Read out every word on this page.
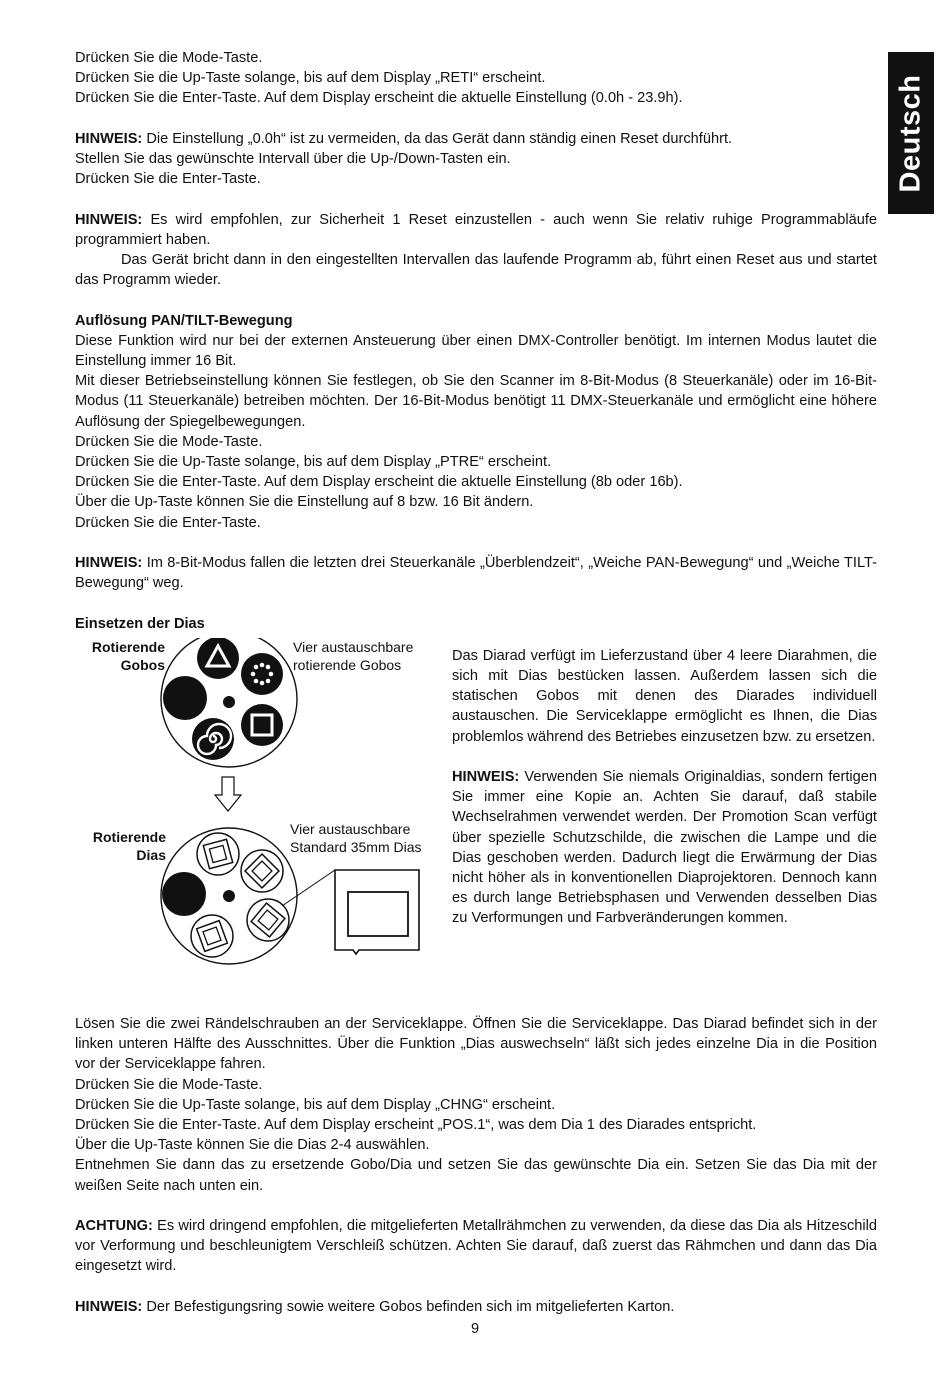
Deutsch

Drücken Sie die Mode-Taste.

Drücken Sie die Up-Taste solange, bis auf dem Display „RETI“ erscheint.

Drücken Sie die Enter-Taste. Auf dem Display erscheint die aktuelle Einstellung (0.0h - 23.9h).

HINWEIS: Die Einstellung „0.0h“ ist zu vermeiden, da das Gerät dann ständig einen Reset durchführt.

Stellen Sie das gewünschte Intervall über die Up-/Down-Tasten ein.

Drücken Sie die Enter-Taste.

HINWEIS: Es wird empfohlen, zur Sicherheit 1 Reset einzustellen - auch wenn Sie relativ ruhige Programmabläufe programmiert haben.

Das Gerät bricht dann in den eingestellten Intervallen das laufende Programm ab, führt einen Reset aus und startet das Programm wieder.

Auflösung PAN/TILT-Bewegung

Diese Funktion wird nur bei der externen Ansteuerung über einen DMX-Controller benötigt. Im internen Modus lautet die Einstellung immer 16 Bit.

Mit dieser Betriebseinstellung können Sie festlegen, ob Sie den Scanner im 8-Bit-Modus (8 Steuerkanäle) oder im 16-Bit-Modus (11 Steuerkanäle) betreiben möchten. Der 16-Bit-Modus benötigt 11 DMX-Steuerkanäle und ermöglicht eine höhere Auflösung der Spiegelbewegungen.

Drücken Sie die Mode-Taste.

Drücken Sie die Up-Taste solange, bis auf dem Display „PTRE“ erscheint.

Drücken Sie die Enter-Taste. Auf dem Display erscheint die aktuelle Einstellung (8b oder 16b).

Über die Up-Taste können Sie die Einstellung auf 8 bzw. 16 Bit ändern.

Drücken Sie die Enter-Taste.

HINWEIS: Im 8-Bit-Modus fallen die letzten drei Steuerkanäle „Überblendzeit“, „Weiche PAN-Bewegung“ und „Weiche TILT-Bewegung“ weg.

Einsetzen der Dias

Rotierende
Gobos
Vier austauschbare
rotierende Gobos
Rotierende
Dias
Vier austauschbare
Standard 35mm Dias

Das Diarad verfügt im Lieferzustand über 4 leere Diarahmen, die sich mit Dias bestücken lassen. Außerdem lassen sich die statischen Gobos mit denen des Diarades individuell austauschen. Die Serviceklappe ermöglicht es Ihnen, die Dias problemlos während des Betriebes einzusetzen bzw. zu ersetzen.

HINWEIS: Verwenden Sie niemals Originaldias, sondern fertigen Sie immer eine Kopie an. Achten Sie darauf, daß stabile Wechselrahmen verwendet werden. Der Promotion Scan verfügt über spezielle Schutzschilde, die zwischen die Lampe und die Dias geschoben werden. Dadurch liegt die Erwärmung der Dias nicht höher als in konventionellen Diaprojektoren. Dennoch kann es durch lange Betriebsphasen und Verwenden desselben Dias zu Verformungen und Farbveränderungen kommen.

Lösen Sie die zwei Rändelschrauben an der Serviceklappe. Öffnen Sie die Serviceklappe. Das Diarad befindet sich in der linken unteren Hälfte des Ausschnittes. Über die Funktion „Dias auswechseln“ läßt sich jedes einzelne Dia in die Position vor der Serviceklappe fahren.

Drücken Sie die Mode-Taste.

Drücken Sie die Up-Taste solange, bis auf dem Display „CHNG“ erscheint.

Drücken Sie die Enter-Taste. Auf dem Display erscheint „POS.1“, was dem Dia 1 des Diarades entspricht.

Über die Up-Taste können Sie die Dias 2-4 auswählen.

Entnehmen Sie dann das zu ersetzende Gobo/Dia und setzen Sie das gewünschte Dia ein. Setzen Sie das Dia mit der weißen Seite nach unten ein.

ACHTUNG: Es wird dringend empfohlen, die mitgelieferten Metallrähmchen zu verwenden, da diese das Dia als Hitzeschild vor Verformung und beschleunigtem Verschleiß schützen. Achten Sie darauf, daß zuerst das Rähmchen und dann das Dia eingesetzt wird.

HINWEIS: Der Befestigungsring sowie weitere Gobos befinden sich im mitgelieferten Karton.

9
